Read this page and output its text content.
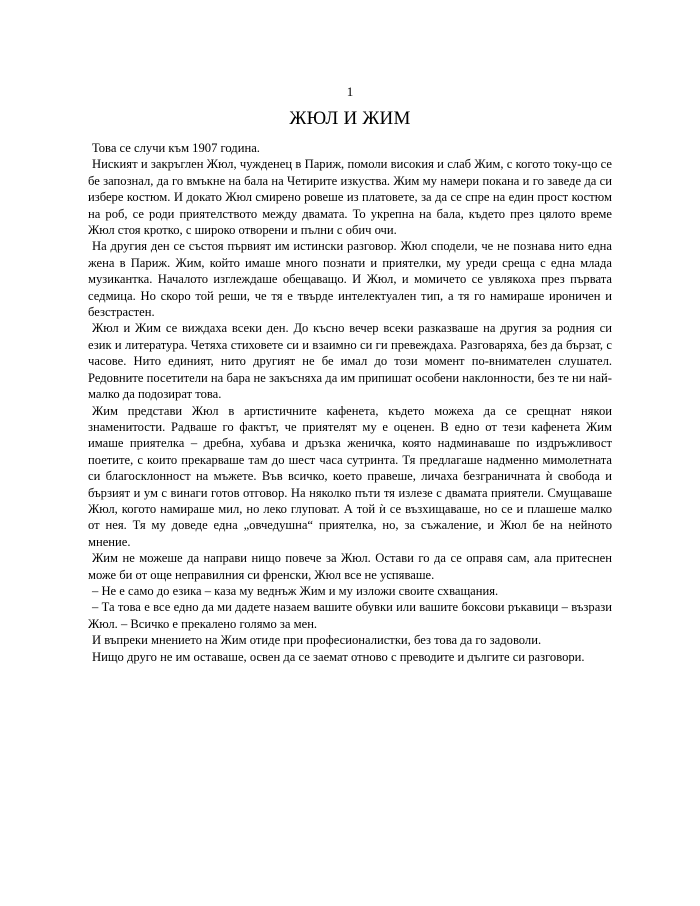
1
ЖЮЛ И ЖИМ

Това се случи към 1907 година.

Ниският и закръглен Жюл, чужденец в Париж, помоли високия и слаб Жим, с когото току-що се бе запознал, да го вмъкне на бала на Четирите изкуства. Жим му намери покана и го заведе да си избере костюм. И докато Жюл смирено ровеше из платовете, за да се спре на един прост костюм на роб, се роди приятелството между двамата. То укрепна на бала, където през цялото време Жюл стоя кротко, с широко отворени и пълни с обич очи.

На другия ден се състоя първият им истински разговор. Жюл сподели, че не познава нито една жена в Париж. Жим, който имаше много познати и приятелки, му уреди среща с една млада музикантка. Началото изглеждаше обещаващо. И Жюл, и момичето се увлякоха през първата седмица. Но скоро той реши, че тя е твърде интелектуален тип, а тя го намираше ироничен и безстрастен.

Жюл и Жим се виждаха всеки ден. До късно вечер всеки разказваше на другия за родния си език и литература. Четяха стиховете си и взаимно си ги превеждаха. Разговаряха, без да бързат, с часове. Нито единият, нито другият не бе имал до този момент по-внимателен слушател. Редовните посетители на бара не закъсняха да им припишат особени наклонности, без те ни най-малко да подозират това.

Жим представи Жюл в артистичните кафенета, където можеха да се срещнат някои знаменитости. Радваше го фактът, че приятелят му е оценен. В едно от тези кафенета Жим имаше приятелка – дребна, хубава и дръзка женичка, която надминаваше по издръжливост поетите, с които прекарваше там до шест часа сутринта. Тя предлагаше надменно мимолетната си благосклонност на мъжете. Във всичко, което правеше, личаха безграничната ѝ свобода и бързият и ум с винаги готов отговор. На няколко пъти тя излезе с двамата приятели. Смущаваше Жюл, когото намираше мил, но леко глуповат. А той ѝ се възхищаваше, но се и плашеше малко от нея. Тя му доведе една „овчедушна“ приятелка, но, за съжаление, и Жюл бе на нейното мнение.

Жим не можеше да направи нищо повече за Жюл. Остави го да се оправя сам, ала притеснен може би от още неправилния си френски, Жюл все не успяваше.

– Не е само до езика – каза му веднъж Жим и му изложи своите схващания.

– Та това е все едно да ми дадете назаем вашите обувки или вашите боксови ръкавици – възрази Жюл. – Всичко е прекалено голямо за мен.

И въпреки мнението на Жим отиде при професионалистки, без това да го задоволи.

Нищо друго не им оставаше, освен да се заемат отново с преводите и дългите си разговори.
